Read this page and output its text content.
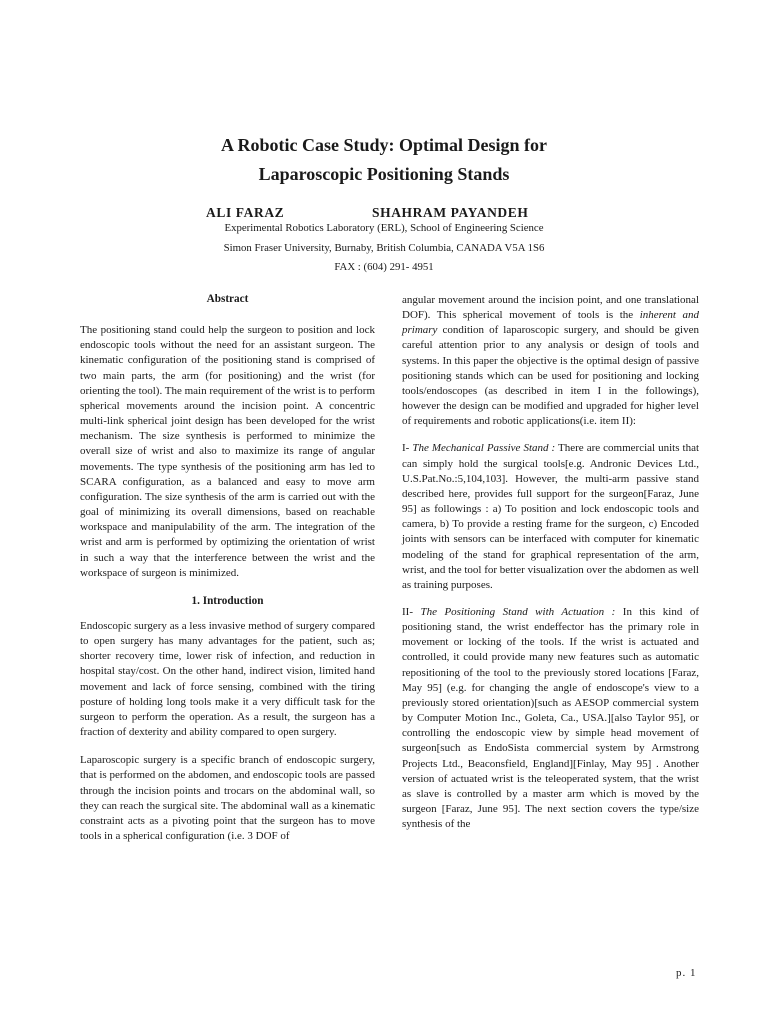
A Robotic Case Study: Optimal Design for
Laparoscopic Positioning Stands
ALI FARAZ	SHAHRAM PAYANDEH

Experimental Robotics Laboratory (ERL), School of Engineering Science

Simon Fraser University, Burnaby, British Columbia, CANADA V5A 1S6

FAX : (604) 291- 4951

Abstract

The positioning stand could help the surgeon to position and lock endoscopic tools without the need for an assistant surgeon. The kinematic configuration of the positioning stand is comprised of two main parts, the arm (for positioning) and the wrist (for orienting the tool). The main requirement of the wrist is to perform spherical movements around the incision point. A concentric multi-link spherical joint design has been developed for the wrist mechanism. The size synthesis is performed to minimize the overall size of wrist and also to maximize its range of angular movements. The type synthesis of the positioning arm has led to SCARA configuration, as a balanced and easy to move arm configuration. The size synthesis of the arm is carried out with the goal of minimizing its overall dimensions, based on reachable workspace and manipulability of the arm. The integration of the wrist and arm is performed by optimizing the orientation of wrist in such a way that the interference between the wrist and the workspace of surgeon is minimized.

1. Introduction

Endoscopic surgery as a less invasive method of surgery compared to open surgery has many advantages for the patient, such as; shorter recovery time, lower risk of infection, and reduction in hospital stay/cost. On the other hand, indirect vision, limited hand movement and lack of force sensing, combined with the tiring posture of holding long tools make it a very difficult task for the surgeon to perform the operation. As a result, the surgeon has a fraction of dexterity and ability compared to open surgery.

Laparoscopic surgery is a specific branch of endoscopic surgery, that is performed on the abdomen, and endoscopic tools are passed through the incision points and trocars on the abdominal wall, so they can reach the surgical site. The abdominal wall as a kinematic constraint acts as a pivoting point that the surgeon has to move tools in a spherical configuration (i.e. 3 DOF of

angular movement around the incision point, and one translational DOF). This spherical movement of tools is the inherent and primary condition of laparoscopic surgery, and should be given careful attention prior to any analysis or design of tools and systems. In this paper the objective is the optimal design of passive positioning stands which can be used for positioning and locking tools/endoscopes (as described in item I in the followings), however the design can be modified and upgraded for higher level of requirements and robotic applications(i.e. item II):

I- The Mechanical Passive Stand : There are commercial units that can simply hold the surgical tools[e.g. Andronic Devices Ltd., U.S.Pat.No.:5,104,103]. However, the multi-arm passive stand described here, provides full support for the surgeon[Faraz, June 95] as followings : a) To position and lock endoscopic tools and camera, b) To provide a resting frame for the surgeon, c) Encoded joints with sensors can be interfaced with computer for kinematic modeling of the stand for graphical representation of the arm, wrist, and the tool for better visualization over the abdomen as well as training purposes.

II- The Positioning Stand with Actuation : In this kind of positioning stand, the wrist endeffector has the primary role in movement or locking of the tools. If the wrist is actuated and controlled, it could provide many new features such as automatic repositioning of the tool to the previously stored locations [Faraz, May 95] (e.g. for changing the angle of endoscope's view to a previously stored orientation)[such as AESOP commercial system by Computer Motion Inc., Goleta, Ca., USA.][also Taylor 95], or controlling the endoscopic view by simple head movement of surgeon[such as EndoSista commercial system by Armstrong Projects Ltd., Beaconsfield, England][Finlay, May 95] . Another version of actuated wrist is the teleoperated system, that the wrist as slave is controlled by a master arm which is moved by the surgeon [Faraz, June 95]. The next section covers the type/size synthesis of the

p. 1
